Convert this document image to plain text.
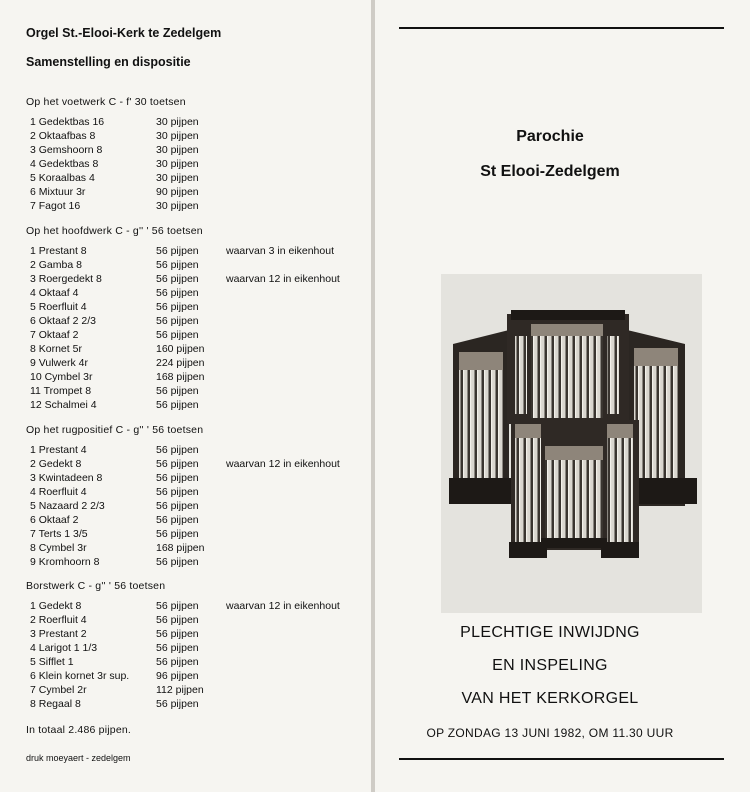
Orgel St.-Elooi-Kerk te Zedelgem
Samenstelling en dispositie
Op het voetwerk C - f' 30 toetsen
1 Gedektbas 16	30 pijpen
2 Oktaafbas 8	30 pijpen
3 Gemshoorn 8	30 pijpen
4 Gedektbas 8	30 pijpen
5 Koraalbas 4	30 pijpen
6 Mixtuur 3r	90 pijpen
7 Fagot 16	30 pijpen
Op het hoofdwerk C - g'' ' 56 toetsen
1 Prestant 8	56 pijpen	waarvan 3 in eikenhout
2 Gamba 8	56 pijpen
3 Roergedekt 8	56 pijpen	waarvan 12 in eikenhout
4 Oktaaf 4	56 pijpen
5 Roerfluit 4	56 pijpen
6 Oktaaf 2 2/3	56 pijpen
7 Oktaaf 2	56 pijpen
8 Kornet 5r	160 pijpen
9 Vulwerk 4r	224 pijpen
10 Cymbel 3r	168 pijpen
11 Trompet 8	56 pijpen
12 Schalmei 4	56 pijpen
Op het rugpositief C - g'' ' 56 toetsen
1 Prestant 4	56 pijpen
2 Gedekt 8	56 pijpen	waarvan 12 in eikenhout
3 Kwintadeen 8	56 pijpen
4 Roerfluit 4	56 pijpen
5 Nazaard 2 2/3	56 pijpen
6 Oktaaf 2	56 pijpen
7 Terts 1 3/5	56 pijpen
8 Cymbel 3r	168 pijpen
9 Kromhoorn 8	56 pijpen
Borstwerk C - g'' ' 56 toetsen
1 Gedekt 8	56 pijpen	waarvan 12 in eikenhout
2 Roerfluit 4	56 pijpen
3 Prestant 2	56 pijpen
4 Larigot 1 1/3	56 pijpen
5 Sifflet 1	56 pijpen
6 Klein kornet 3r sup.	96 pijpen
7 Cymbel 2r	112 pijpen
8 Regaal 8	56 pijpen
In totaal 2.486 pijpen.
druk moeyaert - zedelgem
Parochie
St Elooi-Zedelgem
PLECHTIGE INWIJDNG
EN INSPELING
VAN HET KERKORGEL
OP ZONDAG 13 JUNI 1982, OM 11.30 UUR
